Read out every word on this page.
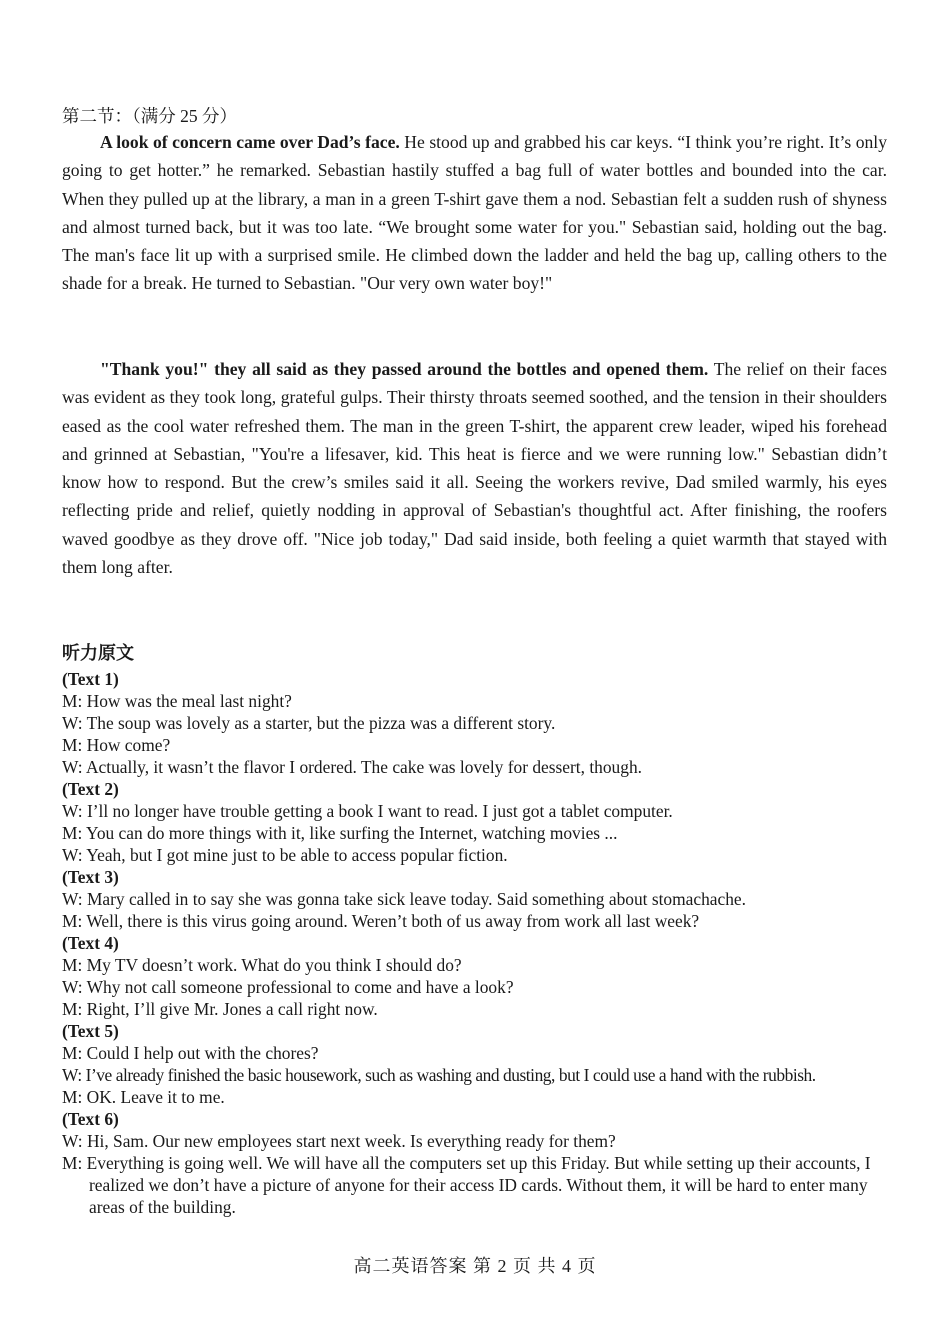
第二节：（满分 25 分）

A look of concern came over Dad’s face. He stood up and grabbed his car keys. “I think you’re right. It’s only going to get hotter.” he remarked. Sebastian hastily stuffed a bag full of water bottles and bounded into the car. When they pulled up at the library, a man in a green T-shirt gave them a nod. Sebastian felt a sudden rush of shyness and almost turned back, but it was too late. “We brought some water for you." Sebastian said, holding out the bag. The man's face lit up with a surprised smile. He climbed down the ladder and held the bag up, calling others to the shade for a break. He turned to Sebastian. "Our very own water boy!"

"Thank you!" they all said as they passed around the bottles and opened them. The relief on their faces was evident as they took long, grateful gulps. Their thirsty throats seemed soothed, and the tension in their shoulders eased as the cool water refreshed them. The man in the green T-shirt, the apparent crew leader, wiped his forehead and grinned at Sebastian, "You're a lifesaver, kid. This heat is fierce and we were running low." Sebastian didn’t know how to respond. But the crew’s smiles said it all. Seeing the workers revive, Dad smiled warmly, his eyes reflecting pride and relief, quietly nodding in approval of Sebastian's thoughtful act. After finishing, the roofers waved goodbye as they drove off. "Nice job today," Dad said inside, both feeling a quiet warmth that stayed with them long after.

听力原文

(Text 1)

M: How was the meal last night?

W: The soup was lovely as a starter, but the pizza was a different story.

M: How come?

W: Actually, it wasn’t the flavor I ordered. The cake was lovely for dessert, though.

(Text 2)

W: I’ll no longer have trouble getting a book I want to read. I just got a tablet computer.

M: You can do more things with it, like surfing the Internet, watching movies ...

W: Yeah, but I got mine just to be able to access popular fiction.

(Text 3)

W: Mary called in to say she was gonna take sick leave today. Said something about stomachache.

M: Well, there is this virus going around. Weren’t both of us away from work all last week?

(Text 4)

M: My TV doesn’t work. What do you think I should do?

W: Why not call someone professional to come and have a look?

M: Right, I’ll give Mr. Jones a call right now.

(Text 5)

M: Could I help out with the chores?

W: I’ve already finished the basic housework, such as washing and dusting, but I could use a hand with the rubbish.

M: OK. Leave it to me.

(Text 6)

W: Hi, Sam. Our new employees start next week. Is everything ready for them?

M: Everything is going well. We will have all the computers set up this Friday. But while setting up their accounts, I realized we don’t have a picture of anyone for their access ID cards. Without them, it will be hard to enter many areas of the building.

高二英语答案 第 2 页 共 4 页
